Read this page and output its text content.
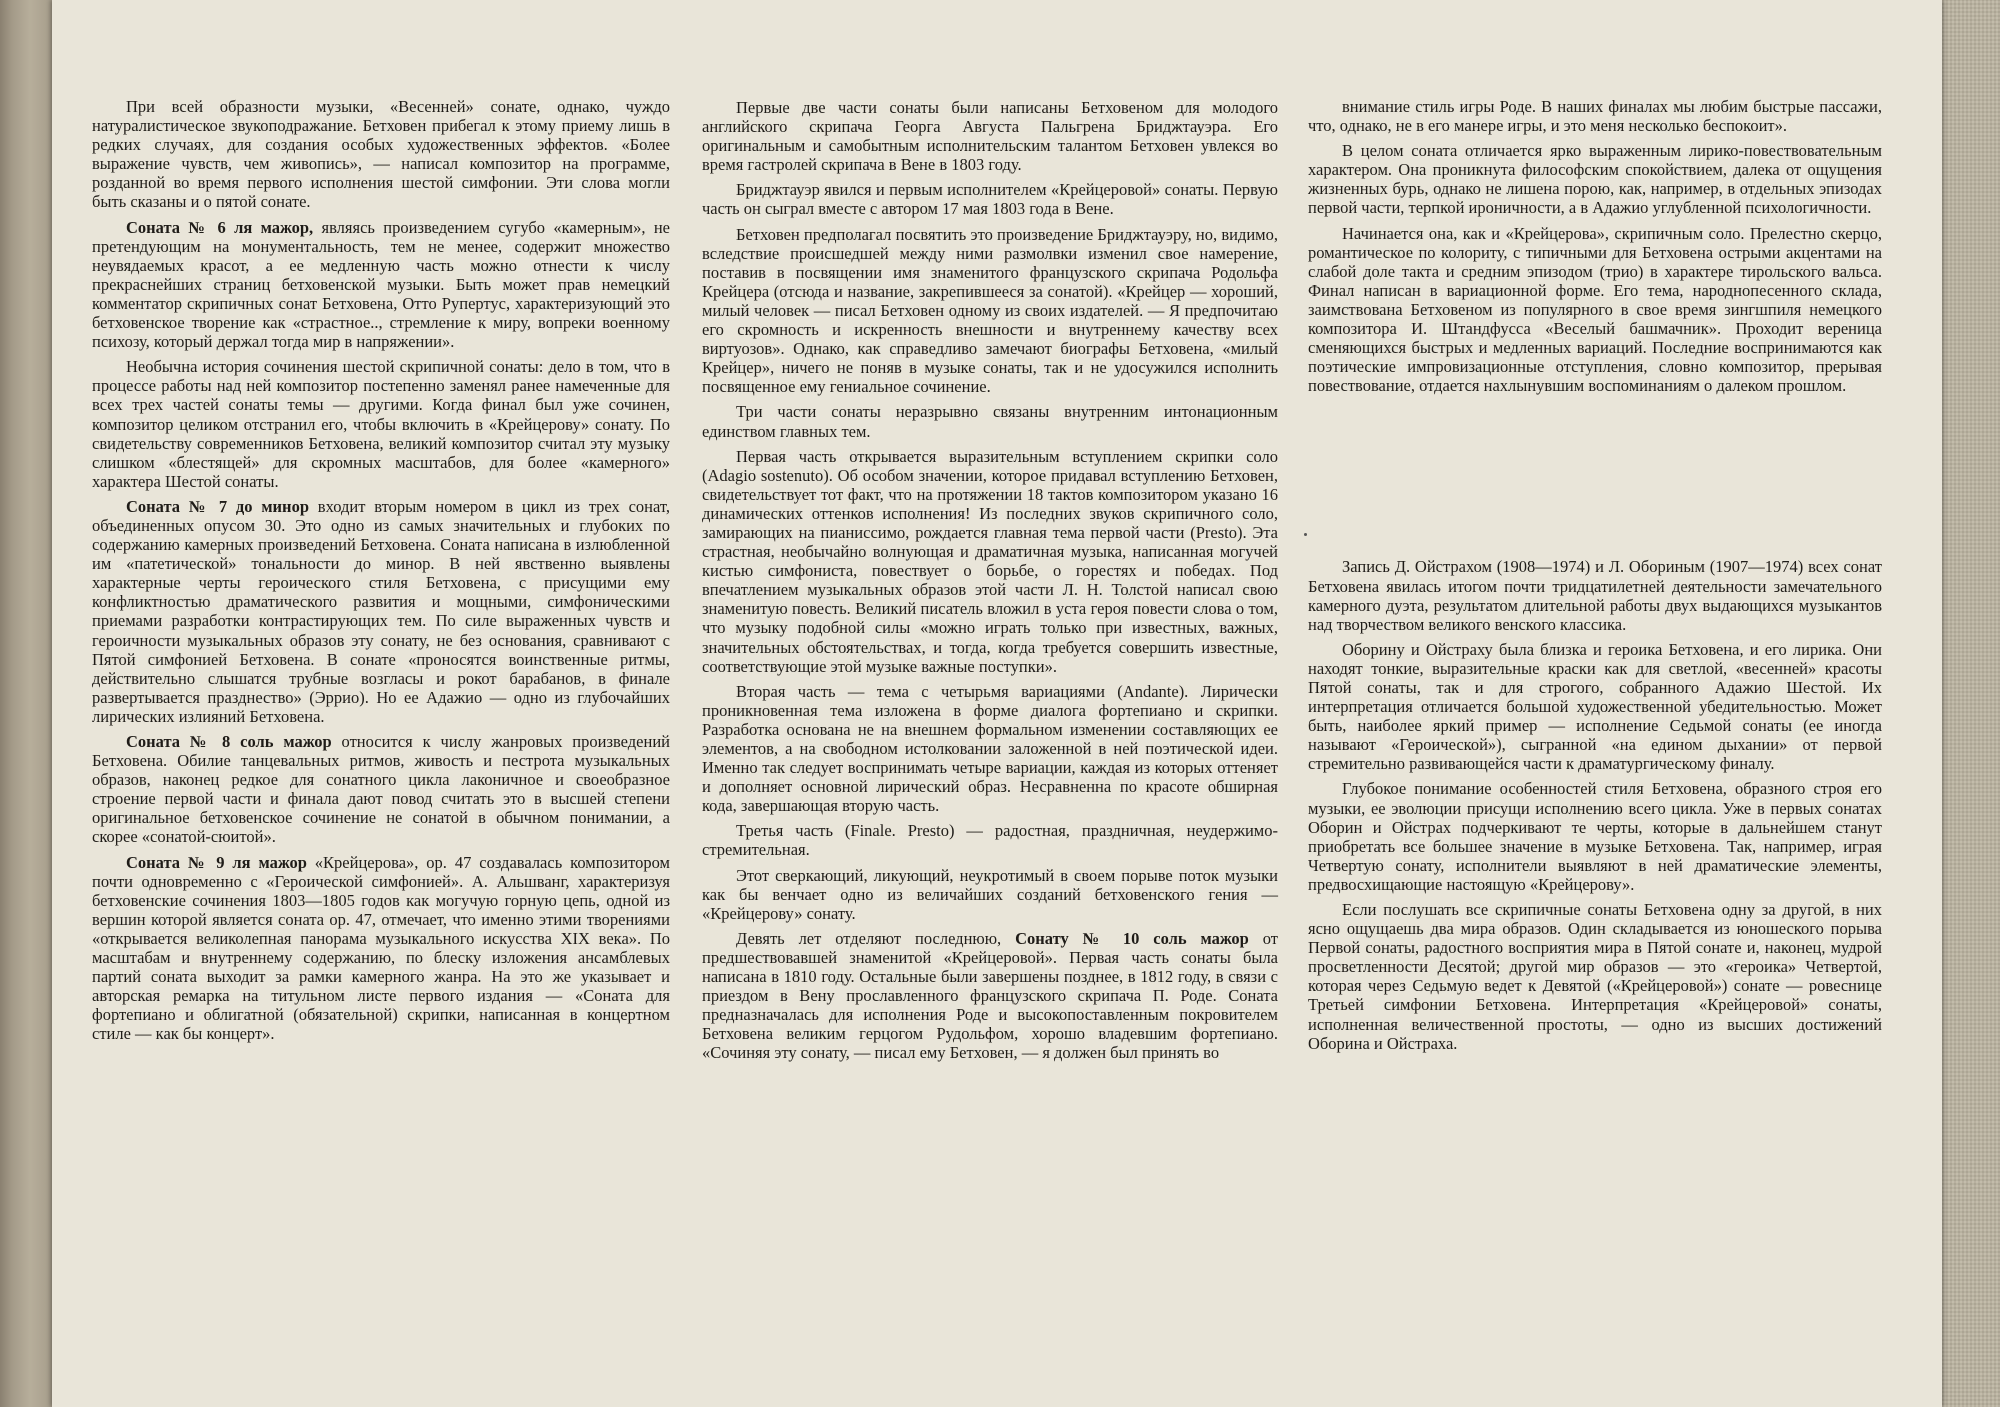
При всей образности музыки, «Весенней» сонате, однако, чуждо натуралистическое звукоподражание. Бетховен прибегал к этому приему лишь в редких случаях, для создания особых художественных эффектов. «Более выражение чувств, чем живопись», — написал композитор на программе, розданной во время первого исполнения шестой симфонии. Эти слова могли быть сказаны и о пятой сонате.

Соната № 6 ля мажор, являясь произведением сугубо «камерным», не претендующим на монументальность, тем не менее, содержит множество неувядаемых красот, а ее медленную часть можно отнести к числу прекраснейших страниц бетховенской музыки. Быть может прав немецкий комментатор скрипичных сонат Бетховена, Отто Рупертус, характеризующий это бетховенское творение как «страстное.., стремление к миру, вопреки военному психозу, который держал тогда мир в напряжении».

Необычна история сочинения шестой скрипичной сонаты: дело в том, что в процессе работы над ней композитор постепенно заменял ранее намеченные для всех трех частей сонаты темы — другими. Когда финал был уже сочинен, композитор целиком отстранил его, чтобы включить в «Крейцерову» сонату. По свидетельству современников Бетховена, великий композитор считал эту музыку слишком «блестящей» для скромных масштабов, для более «камерного» характера Шестой сонаты.

Соната № 7 до минор входит вторым номером в цикл из трех сонат, объединенных опусом 30. Это одно из самых значительных и глубоких по содержанию камерных произведений Бетховена. Соната написана в излюбленной им «патетической» тональности до минор. В ней явственно выявлены характерные черты героического стиля Бетховена, с присущими ему конфликтностью драматического развития и мощными, симфоническими приемами разработки контрастирующих тем. По силе выраженных чувств и героичности музыкальных образов эту сонату, не без основания, сравнивают с Пятой симфонией Бетховена. В сонате «проносятся воинственные ритмы, действительно слышатся трубные возгласы и рокот барабанов, в финале развертывается празднество» (Эррио). Но ее Адажио — одно из глубочайших лирических излияний Бетховена.

Соната № 8 соль мажор относится к числу жанровых произведений Бетховена. Обилие танцевальных ритмов, живость и пестрота музыкальных образов, наконец редкое для сонатного цикла лаконичное и своеобразное строение первой части и финала дают повод считать это в высшей степени оригинальное бетховенское сочинение не сонатой в обычном понимании, а скорее «сонатой-сюитой».

Соната № 9 ля мажор «Крейцерова», ор. 47 создавалась композитором почти одновременно с «Героической симфонией». А. Альшванг, характеризуя бетховенские сочинения 1803—1805 годов как могучую горную цепь, одной из вершин которой является соната ор. 47, отмечает, что именно этими творениями «открывается великолепная панорама музыкального искусства XIX века». По масштабам и внутреннему содержанию, по блеску изложения ансамблевых партий соната выходит за рамки камерного жанра. На это же указывает и авторская ремарка на титульном листе первого издания — «Соната для фортепиано и облигатной (обязательной) скрипки, написанная в концертном стиле — как бы концерт».

Первые две части сонаты были написаны Бетховеном для молодого английского скрипача Георга Августа Пальгрена Бриджтауэра. Его оригинальным и самобытным исполнительским талантом Бетховен увлекся во время гастролей скрипача в Вене в 1803 году.

Бриджтауэр явился и первым исполнителем «Крейцеровой» сонаты. Первую часть он сыграл вместе с автором 17 мая 1803 года в Вене.

Бетховен предполагал посвятить это произведение Бриджтауэру, но, видимо, вследствие происшедшей между ними размолвки изменил свое намерение, поставив в посвящении имя знаменитого французского скрипача Родольфа Крейцера (отсюда и название, закрепившееся за сонатой). «Крейцер — хороший, милый человек — писал Бетховен одному из своих издателей. — Я предпочитаю его скромность и искренность внешности и внутреннему качеству всех виртуозов». Однако, как справедливо замечают биографы Бетховена, «милый Крейцер», ничего не поняв в музыке сонаты, так и не удосужился исполнить посвященное ему гениальное сочинение.

Три части сонаты неразрывно связаны внутренним интонационным единством главных тем.

Первая часть открывается выразительным вступлением скрипки соло (Adagio sostenuto). Об особом значении, которое придавал вступлению Бетховен, свидетельствует тот факт, что на протяжении 18 тактов композитором указано 16 динамических оттенков исполнения! Из последних звуков скрипичного соло, замирающих на пианиссимо, рождается главная тема первой части (Presto). Эта страстная, необычайно волнующая и драматичная музыка, написанная могучей кистью симфониста, повествует о борьбе, о горестях и победах. Под впечатлением музыкальных образов этой части Л. Н. Толстой написал свою знаменитую повесть. Великий писатель вложил в уста героя повести слова о том, что музыку подобной силы «можно играть только при известных, важных, значительных обстоятельствах, и тогда, когда требуется совершить известные, соответствующие этой музыке важные поступки».

Вторая часть — тема с четырьмя вариациями (Andante). Лирически проникновенная тема изложена в форме диалога фортепиано и скрипки. Разработка основана не на внешнем формальном изменении составляющих ее элементов, а на свободном истолковании заложенной в ней поэтической идеи. Именно так следует воспринимать четыре вариации, каждая из которых оттеняет и дополняет основной лирический образ. Несравненна по красоте обширная кода, завершающая вторую часть.

Третья часть (Finale. Presto) — радостная, праздничная, неудержимо-стремительная.

Этот сверкающий, ликующий, неукротимый в своем порыве поток музыки как бы венчает одно из величайших созданий бетховенского гения — «Крейцерову» сонату.

Девять лет отделяют последнюю, Сонату № 10 соль мажор от предшествовавшей знаменитой «Крейцеровой». Первая часть сонаты была написана в 1810 году. Остальные были завершены позднее, в 1812 году, в связи с приездом в Вену прославленного французского скрипача П. Роде. Соната предназначалась для исполнения Роде и высокопоставленным покровителем Бетховена великим герцогом Рудольфом, хорошо владевшим фортепиано. «Сочиняя эту сонату, — писал ему Бетховен, — я должен был принять во

внимание стиль игры Роде. В наших финалах мы любим быстрые пассажи, что, однако, не в его манере игры, и это меня несколько беспокоит».

В целом соната отличается ярко выраженным лирико-повествовательным характером. Она проникнута философским спокойствием, далека от ощущения жизненных бурь, однако не лишена порою, как, например, в отдельных эпизодах первой части, терпкой ироничности, а в Адажио углубленной психологичности.

Начинается она, как и «Крейцерова», скрипичным соло. Прелестно скерцо, романтическое по колориту, с типичными для Бетховена острыми акцентами на слабой доле такта и средним эпизодом (трио) в характере тирольского вальса. Финал написан в вариационной форме. Его тема, народнопесенного склада, заимствована Бетховеном из популярного в свое время зингшпиля немецкого композитора И. Штандфусса «Веселый башмачник». Проходит вереница сменяющихся быстрых и медленных вариаций. Последние воспринимаются как поэтические импровизационные отступления, словно композитор, прерывая повествование, отдается нахлынувшим воспоминаниям о далеком прошлом.

Запись Д. Ойстрахом (1908—1974) и Л. Обориным (1907—1974) всех сонат Бетховена явилась итогом почти тридцатилетней деятельности замечательного камерного дуэта, результатом длительной работы двух выдающихся музыкантов над творчеством великого венского классика.

Оборину и Ойстраху была близка и героика Бетховена, и его лирика. Они находят тонкие, выразительные краски как для светлой, «весенней» красоты Пятой сонаты, так и для строгого, собранного Адажио Шестой. Их интерпретация отличается большой художественной убедительностью. Может быть, наиболее яркий пример — исполнение Седьмой сонаты (ее иногда называют «Героической»), сыгранной «на едином дыхании» от первой стремительно развивающейся части к драматургическому финалу.

Глубокое понимание особенностей стиля Бетховена, образного строя его музыки, ее эволюции присущи исполнению всего цикла. Уже в первых сонатах Оборин и Ойстрах подчеркивают те черты, которые в дальнейшем станут приобретать все большее значение в музыке Бетховена. Так, например, играя Четвертую сонату, исполнители выявляют в ней драматические элементы, предвосхищающие настоящую «Крейцерову».

Если послушать все скрипичные сонаты Бетховена одну за другой, в них ясно ощущаешь два мира образов. Один складывается из юношеского порыва Первой сонаты, радостного восприятия мира в Пятой сонате и, наконец, мудрой просветленности Десятой; другой мир образов — это «героика» Четвертой, которая через Седьмую ведет к Девятой («Крейцеровой») сонате — ровеснице Третьей симфонии Бетховена. Интерпретация «Крейцеровой» сонаты, исполненная величественной простоты, — одно из высших достижений Оборина и Ойстраха.
